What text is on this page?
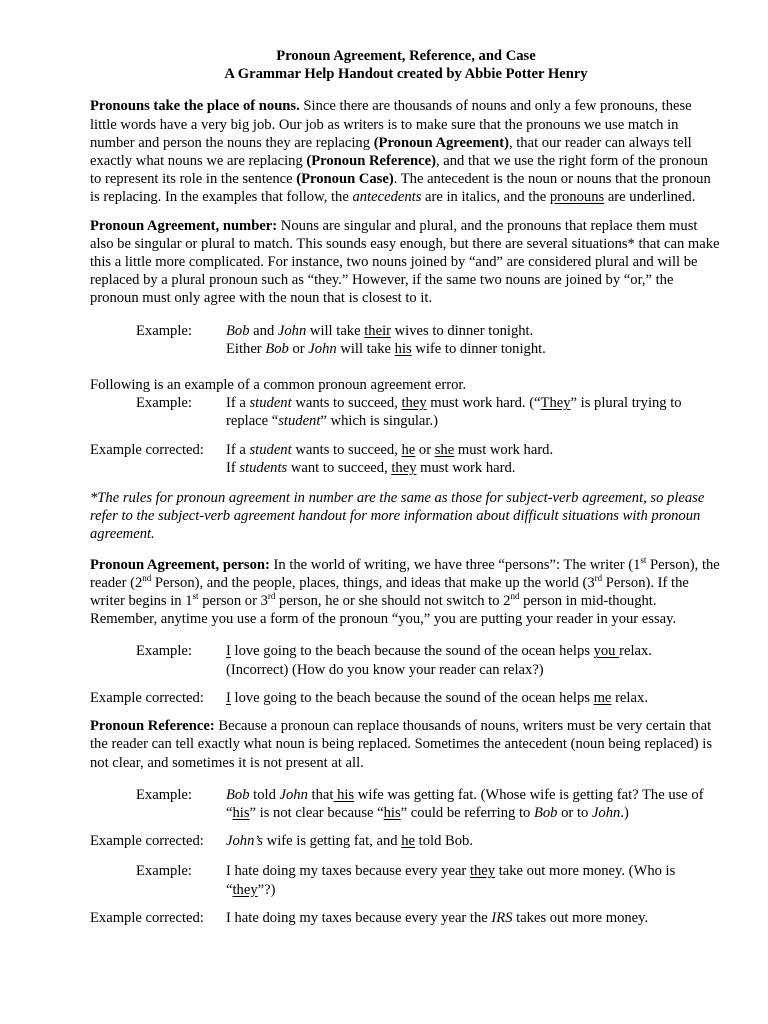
Pronoun Agreement, Reference, and Case
A Grammar Help Handout created by Abbie Potter Henry
Pronouns take the place of nouns. Since there are thousands of nouns and only a few pronouns, these little words have a very big job. Our job as writers is to make sure that the pronouns we use match in number and person the nouns they are replacing (Pronoun Agreement), that our reader can always tell exactly what nouns we are replacing (Pronoun Reference), and that we use the right form of the pronoun to represent its role in the sentence (Pronoun Case). The antecedent is the noun or nouns that the pronoun is replacing. In the examples that follow, the antecedents are in italics, and the pronouns are underlined.
Pronoun Agreement, number: Nouns are singular and plural, and the pronouns that replace them must also be singular or plural to match. This sounds easy enough, but there are several situations* that can make this a little more complicated. For instance, two nouns joined by “and” are considered plural and will be replaced by a plural pronoun such as “they.” However, if the same two nouns are joined by “or,” the pronoun must only agree with the noun that is closest to it.
Example:	Bob and John will take their wives to dinner tonight.
Either Bob or John will take his wife to dinner tonight.
Following is an example of a common pronoun agreement error.
Example:	If a student wants to succeed, they must work hard. (“They” is plural trying to replace “student” which is singular.)
Example corrected:	If a student wants to succeed, he or she must work hard.
If students want to succeed, they must work hard.
*The rules for pronoun agreement in number are the same as those for subject-verb agreement, so please refer to the subject-verb agreement handout for more information about difficult situations with pronoun agreement.
Pronoun Agreement, person: In the world of writing, we have three “persons”: The writer (1st Person), the reader (2nd Person), and the people, places, things, and ideas that make up the world (3rd Person). If the writer begins in 1st person or 3rd person, he or she should not switch to 2nd person in mid-thought. Remember, anytime you use a form of the pronoun “you,” you are putting your reader in your essay.
Example:	I love going to the beach because the sound of the ocean helps you relax.
(Incorrect) (How do you know your reader can relax?)
Example corrected:	I love going to the beach because the sound of the ocean helps me relax.
Pronoun Reference: Because a pronoun can replace thousands of nouns, writers must be very certain that the reader can tell exactly what noun is being replaced. Sometimes the antecedent (noun being replaced) is not clear, and sometimes it is not present at all.
Example:	Bob told John that his wife was getting fat. (Whose wife is getting fat? The use of “his” is not clear because “his” could be referring to Bob or to John.)
Example corrected:	John’s wife is getting fat, and he told Bob.
Example:	I hate doing my taxes because every year they take out more money. (Who is “they”?)
Example corrected:	I hate doing my taxes because every year the IRS takes out more money.
